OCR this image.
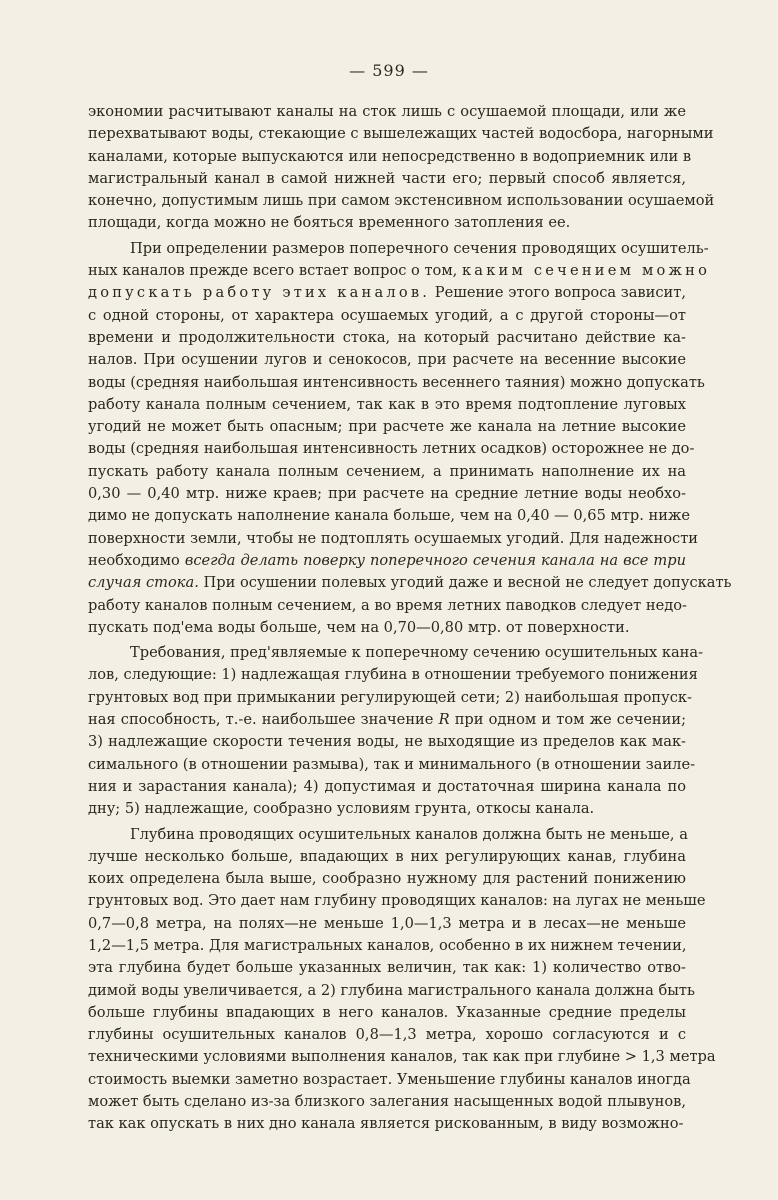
— 599 —
экономии расчитывают каналы на сток лишь с осушаемой площади, или же
перехватывают воды, стекающие с вышележащих частей водосбора, нагорными
каналами, которые выпускаются или непосредственно в водоприемник или в
магистральный канал в самой нижней части его; первый способ является,
конечно, допустимым лишь при самом экстенсивном использовании осушаемой
площади, когда можно не бояться временного затопления ее.
При определении размеров поперечного сечения проводящих осушитель-
ных каналов прежде всего встает вопрос о том, каким сечением можно
допускать работу этих каналов. Решение этого вопроса зависит,
с одной стороны, от характера осушаемых угодий, а с другой стороны—от
времени и продолжительности стока, на который расчитано действие ка-
налов. При осушении лугов и сенокосов, при расчете на весенние высокие
воды (средняя наибольшая интенсивность весеннего таяния) можно допускать
работу канала полным сечением, так как в это время подтопление луговых
угодий не может быть опасным; при расчете же канала на летние высокие
воды (средняя наибольшая интенсивность летних осадков) осторожнее не до-
пускать работу канала полным сечением, а принимать наполнение их на
0,30 — 0,40 мтр. ниже краев; при расчете на средние летние воды необхо-
димо не допускать наполнение канала больше, чем на 0,40 — 0,65 мтр. ниже
поверхности земли, чтобы не подтоплять осушаемых угодий. Для надежности
необходимо всегда делать поверку поперечного сечения канала на все три
случая стока. При осушении полевых угодий даже и весной не следует допускать
работу каналов полным сечением, а во время летних паводков следует недо-
пускать под'ема воды больше, чем на 0,70—0,80 мтр. от поверхности.
Требования, пред'являемые к поперечному сечению осушительных кана-
лов, следующие: 1) надлежащая глубина в отношении требуемого понижения
грунтовых вод при примыкании регулирующей сети; 2) наибольшая пропуск-
ная способность, т.-е. наибольшее значение R при одном и том же сечении;
3) надлежащие скорости течения воды, не выходящие из пределов как мак-
симального (в отношении размыва), так и минимального (в отношении заиле-
ния и зарастания канала); 4) допустимая и достаточная ширина канала по
дну; 5) надлежащие, сообразно условиям грунта, откосы канала.
Глубина проводящих осушительных каналов должна быть не меньше, а
лучше несколько больше, впадающих в них регулирующих канав, глубина
коих определена была выше, сообразно нужному для растений понижению
грунтовых вод. Это дает нам глубину проводящих каналов: на лугах не меньше
0,7—0,8 метра, на полях—не меньше 1,0—1,3 метра и в лесах—не меньше
1,2—1,5 метра. Для магистральных каналов, особенно в их нижнем течении,
эта глубина будет больше указанных величин, так как: 1) количество отво-
димой воды увеличивается, а 2) глубина магистрального канала должна быть
больше глубины впадающих в него каналов. Указанные средние пределы
глубины осушительных каналов 0,8—1,3 метра, хорошо согласуются и с
техническими условиями выполнения каналов, так как при глубине > 1,3 метра
стоимость выемки заметно возрастает. Уменьшение глубины каналов иногда
может быть сделано из-за близкого залегания насыщенных водой плывунов,
так как опускать в них дно канала является рискованным, в виду возможно-
